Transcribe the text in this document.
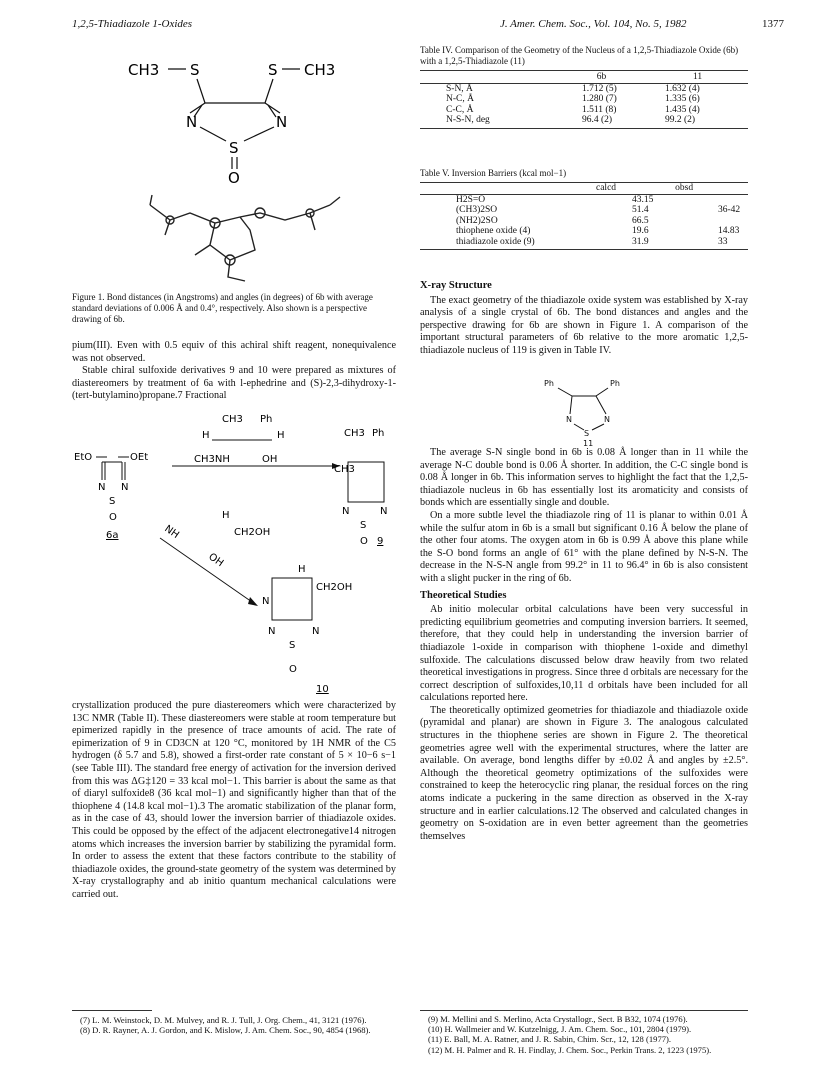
1,2,5-Thiadiazole 1-Oxides	J. Amer. Chem. Soc., Vol. 104, No. 5, 1982	1377
CH3 S	S CH3
N	N
S
O
Figure 1. Bond distances (in Angstroms) and angles (in degrees) of 6b with average standard deviations of 0.006 Å and 0.4°, respectively. Also shown is a perspective drawing of 6b.

pium(III). Even with 0.5 equiv of this achiral shift reagent, nonequivalence was not observed.

Stable chiral sulfoxide derivatives 9 and 10 were prepared as mixtures of diastereomers by treatment of 6a with l-ephedrine and (S)-2,3-dihydroxy-1-(tert-butylamino)propane.7 Fractional

EtO	OEt
N N
S
O
6a
CH3 Ph
H	H
CH3NH	OH
CH3 Ph
CH3
N	N
S
O 9
NH
H
CH2OH
OH
H
CH2OH
N
N	N
S
O
10

crystallization produced the pure diastereomers which were characterized by 13C NMR (Table II). These diastereomers were stable at room temperature but epimerized rapidly in the presence of trace amounts of acid. The rate of epimerization of 9 in CD3CN at 120 °C, monitored by 1H NMR of the C5 hydrogen (δ 5.7 and 5.8), showed a first-order rate constant of 5 × 10−6 s−1 (see Table III). The standard free energy of activation for the inversion derived from this was ΔG‡120 = 33 kcal mol−1. This barrier is about the same as that of diaryl sulfoxide8 (36 kcal mol−1) and significantly higher than that of the thiophene 4 (14.8 kcal mol−1).3 The aromatic stabilization of the planar form, as in the case of 43, should lower the inversion barrier of thiadiazole oxides. This could be opposed by the effect of the adjacent electronegative14 nitrogen atoms which increases the inversion barrier by stabilizing the pyramidal form. In order to assess the extent that these factors contribute to the stability of thiadiazole oxides, the ground-state geometry of the system was determined by X-ray crystallography and ab initio quantum mechanical calculations were carried out.

(7) L. M. Weinstock, D. M. Mulvey, and R. J. Tull, J. Org. Chem., 41, 3121 (1976).

(8) D. R. Rayner, A. J. Gordon, and K. Mislow, J. Am. Chem. Soc., 90, 4854 (1968).

Table IV. Comparison of the Geometry of the Nucleus of a 1,2,5-Thiadiazole Oxide (6b) with a 1,2,5-Thiadiazole (11)
	6b	11
S-N, Å	1.712 (5)	1.632 (4)
N-C, Å	1.280 (7)	1.335 (6)
C-C, Å	1.511 (8)	1.435 (4)
N-S-N, deg	96.4 (2)	99.2 (2)
Table V. Inversion Barriers (kcal mol−1)
	calcd	obsd
H2S=O	43.15	
(CH3)2SO	51.4	36-42
(NH2)2SO	66.5	
thiophene oxide (4)	19.6	14.83
thiadiazole oxide (9)	31.9	33
X-ray Structure

The exact geometry of the thiadiazole oxide system was established by X-ray analysis of a single crystal of 6b. The bond distances and angles and the perspective drawing for 6b are shown in Figure 1. A comparison of the important structural parameters of 6b relative to the more aromatic 1,2,5-thiadiazole nucleus of 119 is given in Table IV.

Ph	Ph
N	N
S
11

The average S-N single bond in 6b is 0.08 Å longer than in 11 while the average N-C double bond is 0.06 Å shorter. In addition, the C-C single bond is 0.08 Å longer in 6b. This information serves to highlight the fact that the 1,2,5-thiadiazole nucleus in 6b has essentially lost its aromaticity and consists of bonds which are essentially single and double.

On a more subtle level the thiadiazole ring of 11 is planar to within 0.01 Å while the sulfur atom in 6b is a small but significant 0.16 Å below the plane of the other four atoms. The oxygen atom in 6b is 0.99 Å above this plane while the S-O bond forms an angle of 61° with the plane defined by N-S-N. The decrease in the N-S-N angle from 99.2° in 11 to 96.4° in 6b is also consistent with a slight pucker in the ring of 6b.

Theoretical Studies

Ab initio molecular orbital calculations have been very successful in predicting equilibrium geometries and computing inversion barriers. It seemed, therefore, that they could help in understanding the inversion barrier of thiadiazole 1-oxide in comparison with thiophene 1-oxide and dimethyl sulfoxide. The calculations discussed below draw heavily from two related theoretical investigations in progress. Since three d orbitals are necessary for the correct description of sulfoxides,10,11 d orbitals have been included for all calculations reported here.

The theoretically optimized geometries for thiadiazole and thiadiazole oxide (pyramidal and planar) are shown in Figure 3. The analogous calculated structures in the thiophene series are shown in Figure 2. The theoretical geometries agree well with the experimental structures, where the latter are available. On average, bond lengths differ by ±0.02 Å and angles by ±2.5°. Although the theoretical geometry optimizations of the sulfoxides were constrained to keep the heterocyclic ring planar, the residual forces on the ring atoms indicate a puckering in the same direction as observed in the X-ray structure and in earlier calculations.12 The observed and calculated changes in geometry on S-oxidation are in even better agreement than the geometries themselves

(9) M. Mellini and S. Merlino, Acta Crystallogr., Sect. B B32, 1074 (1976).

(10) H. Wallmeier and W. Kutzelnigg, J. Am. Chem. Soc., 101, 2804 (1979).

(11) E. Ball, M. A. Ratner, and J. R. Sabin, Chim. Scr., 12, 128 (1977).

(12) M. H. Palmer and R. H. Findlay, J. Chem. Soc., Perkin Trans. 2, 1223 (1975).
